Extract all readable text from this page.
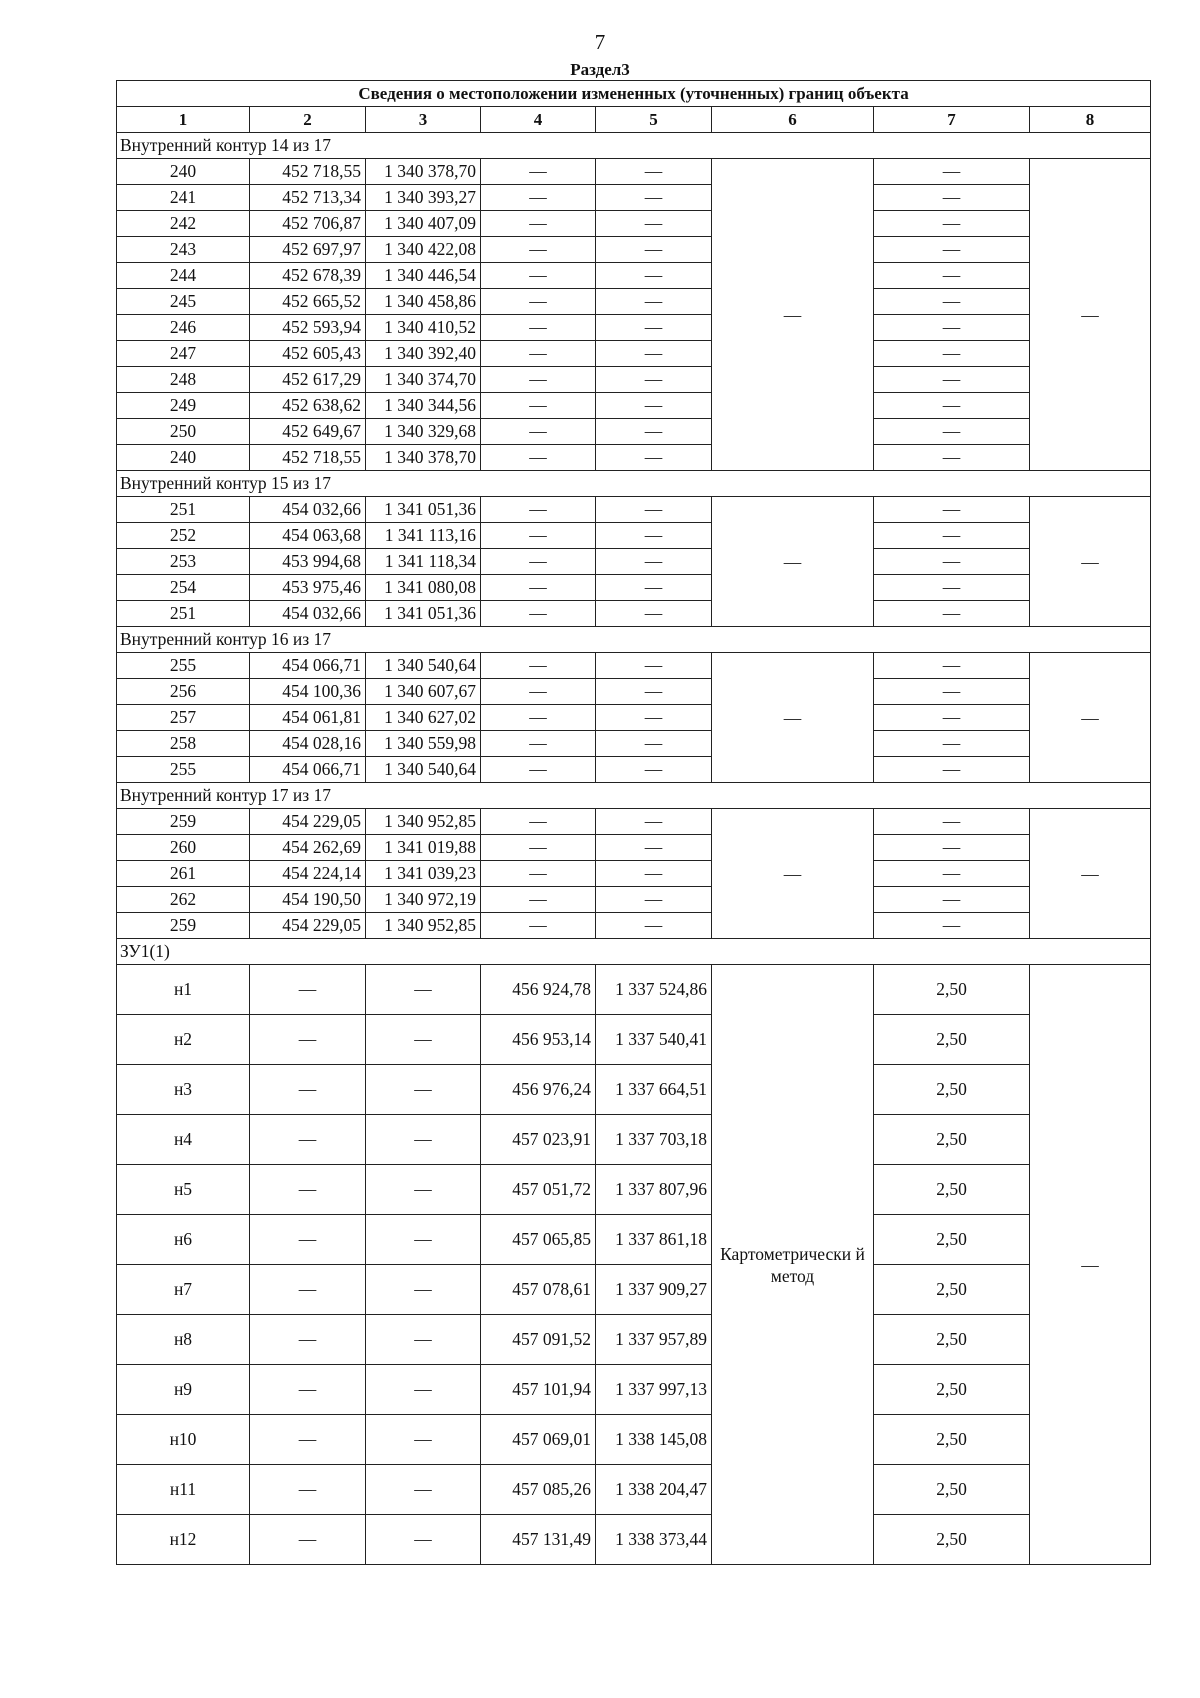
7
Раздел3
Сведения о местоположении измененных (уточненных) границ объекта							
1	2	3	4	5	6	7	8
Внутренний контур 14 из 17							
240	452 718,55	1 340 378,70	—	—	—	—	—
241	452 713,34	1 340 393,27	—	—		—	
242	452 706,87	1 340 407,09	—	—		—	
243	452 697,97	1 340 422,08	—	—		—	
244	452 678,39	1 340 446,54	—	—		—	
245	452 665,52	1 340 458,86	—	—		—	
246	452 593,94	1 340 410,52	—	—		—	
247	452 605,43	1 340 392,40	—	—		—	
248	452 617,29	1 340 374,70	—	—		—	
249	452 638,62	1 340 344,56	—	—		—	
250	452 649,67	1 340 329,68	—	—		—	
240	452 718,55	1 340 378,70	—	—		—	
Внутренний контур 15 из 17							
251	454 032,66	1 341 051,36	—	—	—	—	—
252	454 063,68	1 341 113,16	—	—		—	
253	453 994,68	1 341 118,34	—	—		—	
254	453 975,46	1 341 080,08	—	—		—	
251	454 032,66	1 341 051,36	—	—		—	
Внутренний контур 16 из 17							
255	454 066,71	1 340 540,64	—	—	—	—	—
256	454 100,36	1 340 607,67	—	—		—	
257	454 061,81	1 340 627,02	—	—		—	
258	454 028,16	1 340 559,98	—	—		—	
255	454 066,71	1 340 540,64	—	—		—	
Внутренний контур 17 из 17							
259	454 229,05	1 340 952,85	—	—	—	—	—
260	454 262,69	1 341 019,88	—	—		—	
261	454 224,14	1 341 039,23	—	—		—	
262	454 190,50	1 340 972,19	—	—		—	
259	454 229,05	1 340 952,85	—	—		—	
ЗУ1(1)							
н1	—	—	456 924,78	1 337 524,86	Картометрически й метод	2,50	—
н2	—	—	456 953,14	1 337 540,41		2,50	
н3	—	—	456 976,24	1 337 664,51		2,50	
н4	—	—	457 023,91	1 337 703,18		2,50	
н5	—	—	457 051,72	1 337 807,96		2,50	
н6	—	—	457 065,85	1 337 861,18		2,50	
н7	—	—	457 078,61	1 337 909,27		2,50	
н8	—	—	457 091,52	1 337 957,89		2,50	
н9	—	—	457 101,94	1 337 997,13		2,50	
н10	—	—	457 069,01	1 338 145,08		2,50	
н11	—	—	457 085,26	1 338 204,47		2,50	
н12	—	—	457 131,49	1 338 373,44		2,50	
